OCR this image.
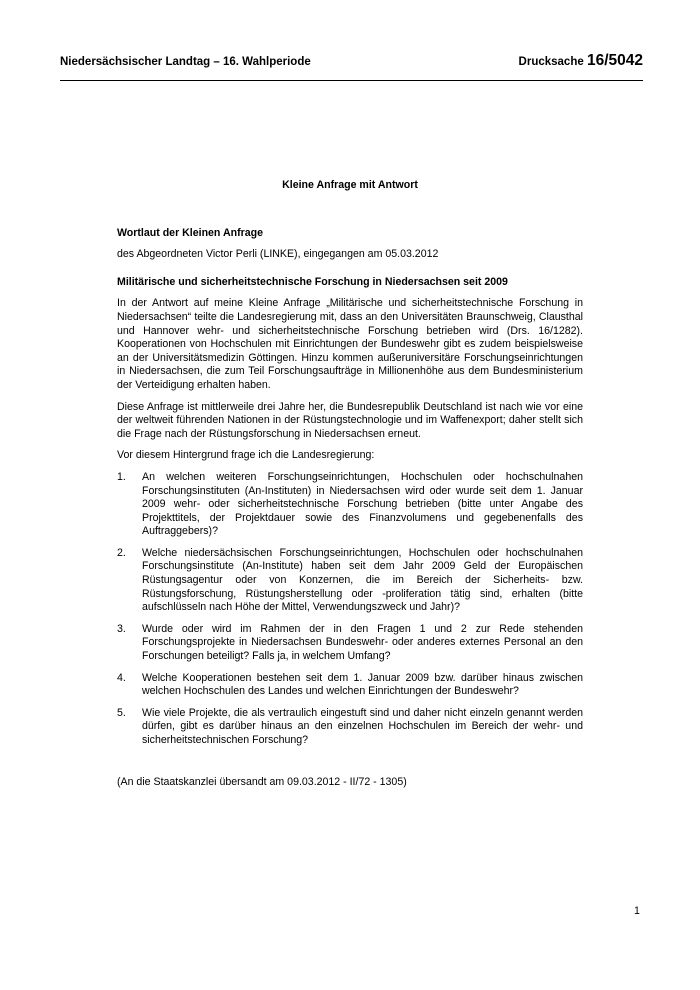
Niedersächsischer Landtag – 16. Wahlperiode	Drucksache 16/5042

Kleine Anfrage mit Antwort

Wortlaut der Kleinen Anfrage

des Abgeordneten Victor Perli (LINKE), eingegangen am 05.03.2012

Militärische und sicherheitstechnische Forschung in Niedersachsen seit 2009

In der Antwort auf meine Kleine Anfrage „Militärische und sicherheitstechnische Forschung in Niedersachsen“ teilte die Landesregierung mit, dass an den Universitäten Braunschweig, Clausthal und Hannover wehr- und sicherheitstechnische Forschung betrieben wird (Drs. 16/1282). Kooperationen von Hochschulen mit Einrichtungen der Bundeswehr gibt es zudem beispielsweise an der Universitätsmedizin Göttingen. Hinzu kommen außeruniversitäre Forschungseinrichtungen in Niedersachsen, die zum Teil Forschungsaufträge in Millionenhöhe aus dem Bundesministerium der Verteidigung erhalten haben.

Diese Anfrage ist mittlerweile drei Jahre her, die Bundesrepublik Deutschland ist nach wie vor eine der weltweit führenden Nationen in der Rüstungstechnologie und im Waffenexport; daher stellt sich die Frage nach der Rüstungsforschung in Niedersachsen erneut.

Vor diesem Hintergrund frage ich die Landesregierung:

1.	An welchen weiteren Forschungseinrichtungen, Hochschulen oder hochschulnahen Forschungsinstituten (An-Instituten) in Niedersachsen wird oder wurde seit dem 1. Januar 2009 wehr- oder sicherheitstechnische Forschung betrieben (bitte unter Angabe des Projekttitels, der Projektdauer sowie des Finanzvolumens und gegebenenfalls des Auftraggebers)?
2.	Welche niedersächsischen Forschungseinrichtungen, Hochschulen oder hochschulnahen Forschungsinstitute (An-Institute) haben seit dem Jahr 2009 Geld der Europäischen Rüstungsagentur oder von Konzernen, die im Bereich der Sicherheits- bzw. Rüstungsforschung, Rüstungsherstellung oder -proliferation tätig sind, erhalten (bitte aufschlüsseln nach Höhe der Mittel, Verwendungszweck und Jahr)?
3.	Wurde oder wird im Rahmen der in den Fragen 1 und 2 zur Rede stehenden Forschungsprojekte in Niedersachsen Bundeswehr- oder anderes externes Personal an den Forschungen beteiligt? Falls ja, in welchem Umfang?
4.	Welche Kooperationen bestehen seit dem 1. Januar 2009 bzw. darüber hinaus zwischen welchen Hochschulen des Landes und welchen Einrichtungen der Bundeswehr?
5.	Wie viele Projekte, die als vertraulich eingestuft sind und daher nicht einzeln genannt werden dürfen, gibt es darüber hinaus an den einzelnen Hochschulen im Bereich der wehr- und sicherheitstechnischen Forschung?

(An die Staatskanzlei übersandt am 09.03.2012 - II/72 - 1305)

1
